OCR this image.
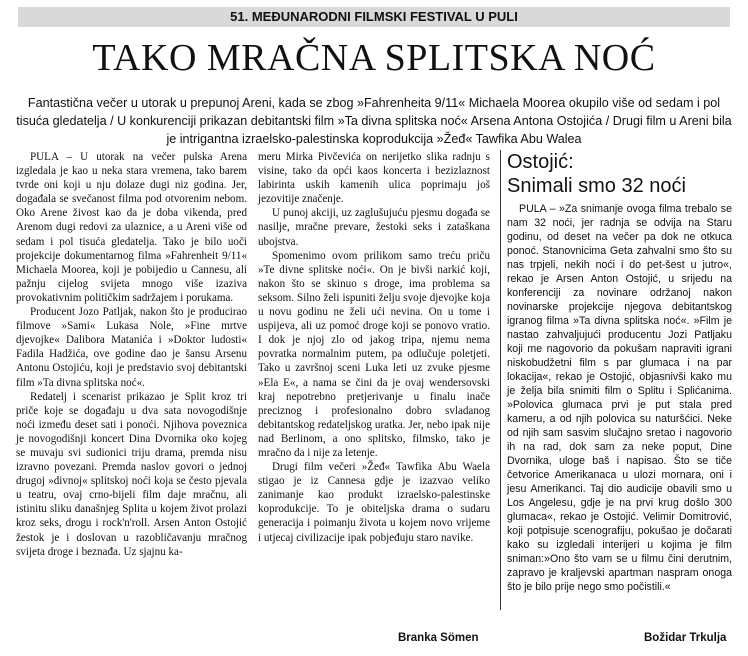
51. MEĐUNARODNI FILMSKI FESTIVAL U PULI
TAKO MRAČNA SPLITSKA NOĆ
Fantastična večer u utorak u prepunoj Areni, kada se zbog »Fahrenheita 9/11« Michaela Moorea okupilo više od sedam i pol tisuća gledatelja / U konkurenciji prikazan debitantski film »Ta divna splitska noć« Arsena Antona Ostojića / Drugi film u Areni bila je intrigantna izraelsko-palestinska koprodukcija »Žeđ« Tawfika Abu Walea

PULA – U utorak na večer pulska Arena izgledala je kao u neka stara vremena, tako barem tvrde oni koji u nju dolaze dugi niz godina. Jer, događala se svečanost filma pod otvorenim nebom. Oko Arene živost kao da je doba vikenda, pred Arenom dugi redovi za ulaznice, a u Areni više od sedam i pol tisuća gledatelja. Tako je bilo uoči projekcije dokumentarnog filma »Fahrenheit 9/11« Michaela Moorea, koji je pobijedio u Cannesu, ali pažnju cijelog svijeta mnogo više izaziva provokativnim političkim sadržajem i porukama.

Producent Jozo Patljak, nakon što je producirao filmove »Sami« Lukasa Nole, »Fine mrtve djevojke« Dalibora Matanića i »Doktor ludosti« Fadila Hadžića, ove godine dao je šansu Arsenu Antonu Ostojiću, koji je predstavio svoj debitantski film »Ta divna splitska noć«.

Redatelj i scenarist prikazao je Split kroz tri priče koje se događaju u dva sata novogodišnje noći između deset sati i ponoći. Njihova poveznica je novogodišnji koncert Dina Dvornika oko kojeg se muvaju svi sudionici triju drama, premda nisu izravno povezani. Premda naslov govori o jednoj drugoj »divnoj« splitskoj noći koja se često pjevala u teatru, ovaj crno-bijeli film daje mračnu, ali istinitu sliku današnjeg Splita u kojem život prolazi kroz seks, drogu i rock'n'roll. Arsen Anton Ostojić žestok je i doslovan u razobličavanju mračnog svijeta droge i beznađa. Uz sjajnu ka-

meru Mirka Pivčevića on nerijetko slika radnju s visine, tako da opći kaos koncerta i bezizlaznost labirinta uskih kamenih ulica poprimaju još jezovitije značenje.

U punoj akciji, uz zaglušujuću pjesmu događa se nasilje, mračne prevare, žestoki seks i zataškana ubojstva.

Spomenimo ovom prilikom samo treću priču »Te divne splitske noći«. On je bivši narkić koji, nakon što se skinuo s droge, ima problema sa seksom. Silno želi ispuniti želju svoje djevojke koja u novu godinu ne želi ući nevina. On u tome i uspijeva, ali uz pomoć droge koji se ponovo vratio. I dok je njoj zlo od jakog tripa, njemu nema povratka normalnim putem, pa odlučuje poletjeti. Tako u završnoj sceni Luka leti uz zvuke pjesme »Ela E«, a nama se čini da je ovaj wendersovski kraj nepotrebno pretjerivanje u finalu inače preciznog i profesionalno dobro svladanog debitantskog redateljskog uratka. Jer, nebo ipak nije nad Berlinom, a ono splitsko, filmsko, tako je mračno da i nije za letenje.

Drugi film večeri »Žeđ« Tawfika Abu Waela stigao je iz Cannesa gdje je izazvao veliko zanimanje kao produkt izraelsko-palestinske koprodukcije. To je obiteljska drama o sudaru generacija i poimanju života u kojem novo vrijeme i utjecaj civilizacije ipak pobjeđuju staro navike.

Ostojić:
Snimali smo 32 noći

PULA – »Za snimanje ovoga filma trebalo se nam 32 noći, jer radnja se odvija na Staru godinu, od deset na večer pa dok ne otkuca ponoć. Stanovnicima Geta zahvalni smo što su nas trpjeli, nekih noći i do pet-šest u jutro«, rekao je Arsen Anton Ostojić, u srijedu na konferenciji za novinare održanoj nakon novinarske projekcije njegova debitantskog igranog filma »Ta divna splitska noć«. »Film je nastao zahvaljujući producentu Jozi Patljaku koji me nagovorio da pokušam napraviti igrani niskobudžetni film s par glumaca i na par lokacija«, rekao je Ostojić, objasnivši kako mu je želja bila snimiti film o Splitu i Splićanima. »Polovica glumaca prvi je put stala pred kameru, a od njih polovica su naturšćici. Neke od njih sam sasvim slučajno sretao i nagovorio ih na rad, dok sam za neke poput, Dine Dvornika, uloge baš i napisao. Što se tiče četvorice Amerikanaca u ulozi mornara, oni i jesu Amerikanci. Taj dio audicije obavili smo u Los Angelesu, gdje je na prvi krug došlo 300 glumaca«, rekao je Ostojić. Velimir Domitrović, koji potpisuje scenografiju, pokušao je dočarati kako su izgledali interijeri u kojima je film sniman:»Ono što vam se u filmu čini derutnim, zapravo je kraljevski apartman naspram onoga što je bilo prije nego smo počistili.«

Branka Sömen	Božidar Trkulja
